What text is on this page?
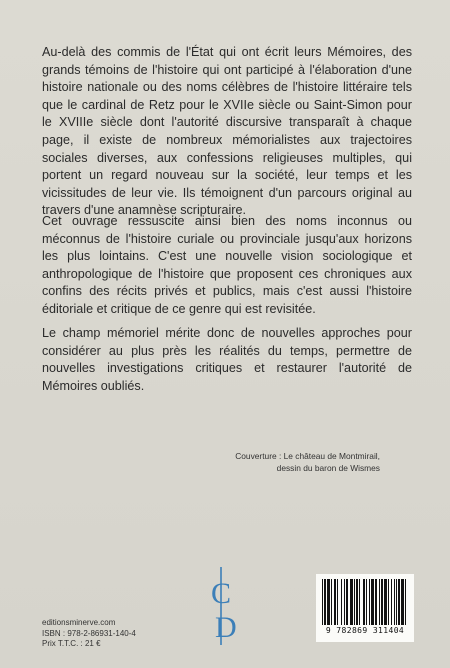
Au-delà des commis de l'État qui ont écrit leurs Mémoires, des grands témoins de l'histoire qui ont participé à l'élaboration d'une histoire nationale ou des noms célèbres de l'histoire littéraire tels que le cardinal de Retz pour le XVIIe siècle ou Saint-Simon pour le XVIIIe siècle dont l'autorité discursive transparaît à chaque page, il existe de nombreux mémorialistes aux trajectoires sociales diverses, aux confessions religieuses multiples, qui portent un regard nouveau sur la société, leur temps et les vicissitudes de leur vie. Ils témoignent d'un parcours original au travers d'une anamnèse scripturaire.
Cet ouvrage ressuscite ainsi bien des noms inconnus ou méconnus de l'histoire curiale ou provinciale jusqu'aux horizons les plus lointains. C'est une nouvelle vision sociologique et anthropologique de l'histoire que proposent ces chroniques aux confins des récits privés et publics, mais c'est aussi l'histoire éditoriale et critique de ce genre qui est revisitée.
Le champ mémoriel mérite donc de nouvelles approches pour considérer au plus près les réalités du temps, permettre de nouvelles investigations critiques et restaurer l'autorité de Mémoires oubliés.
Couverture : Le château de Montmirail,
dessin du baron de Wismes
C
D
editionsminerve.com
ISBN : 978-2-86931-140-4
Prix T.T.C. : 21 €
9 782869 311404
